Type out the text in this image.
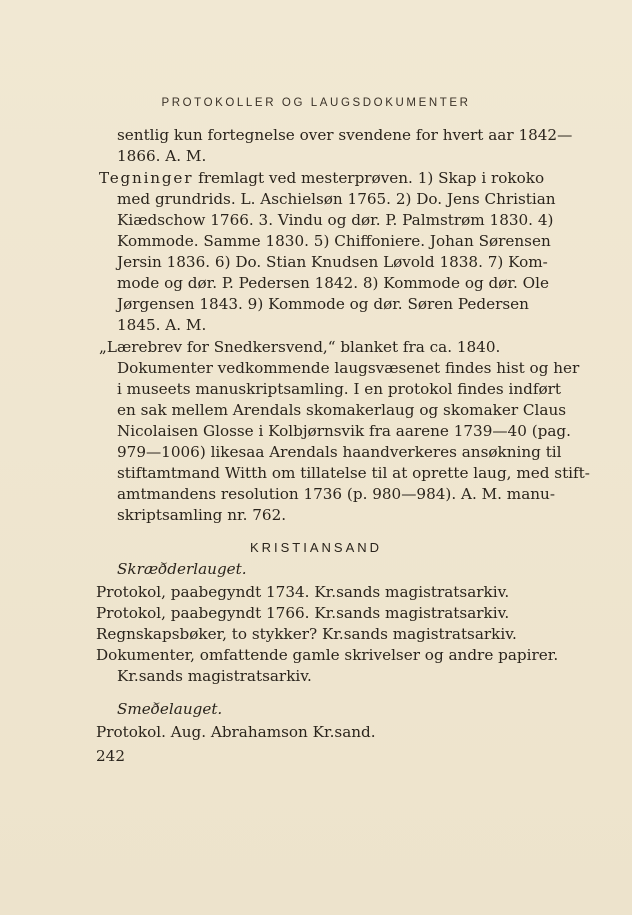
PROTOKOLLER OG LAUGSDOKUMENTER
sentlig kun fortegnelse over svendene for hvert aar 1842—
1866. A. M.
Tegninger fremlagt ved mesterprøven. 1) Skap i rokoko
med grundrids. L. Aschielsøn 1765. 2) Do. Jens Christian
Kiædschow 1766. 3. Vindu og dør. P. Palmstrøm 1830. 4)
Kommode. Samme 1830. 5) Chiffoniere. Johan Sørensen
Jersin 1836. 6) Do. Stian Knudsen Løvold 1838. 7) Kom-
mode og dør. P. Pedersen 1842. 8) Kommode og dør. Ole
Jørgensen 1843. 9) Kommode og dør. Søren Pedersen
1845. A. M.
„Lærebrev for Snedkersvend,“ blanket fra ca. 1840.
Dokumenter vedkommende laugsvæsenet findes hist og her
i museets manuskriptsamling. I en protokol findes indført
en sak mellem Arendals skomakerlaug og skomaker Claus
Nicolaisen Glosse i Kolbjørnsvik fra aarene 1739—40 (pag.
979—1006) likesaa Arendals haandverkeres ansøkning til
stiftamtmand Witth om tillatelse til at oprette laug, med stift-
amtmandens resolution 1736 (p. 980—984). A. M. manu-
skriptsamling nr. 762.
KRISTIANSAND
Skræðderlauget.
Protokol, paabegyndt 1734. Kr.sands magistratsarkiv.
Protokol, paabegyndt 1766. Kr.sands magistratsarkiv.
Regnskapsbøker, to stykker? Kr.sands magistratsarkiv.
Dokumenter, omfattende gamle skrivelser og andre papirer.
Kr.sands magistratsarkiv.
Smeðelauget.
Protokol. Aug. Abrahamson Kr.sand.
242
